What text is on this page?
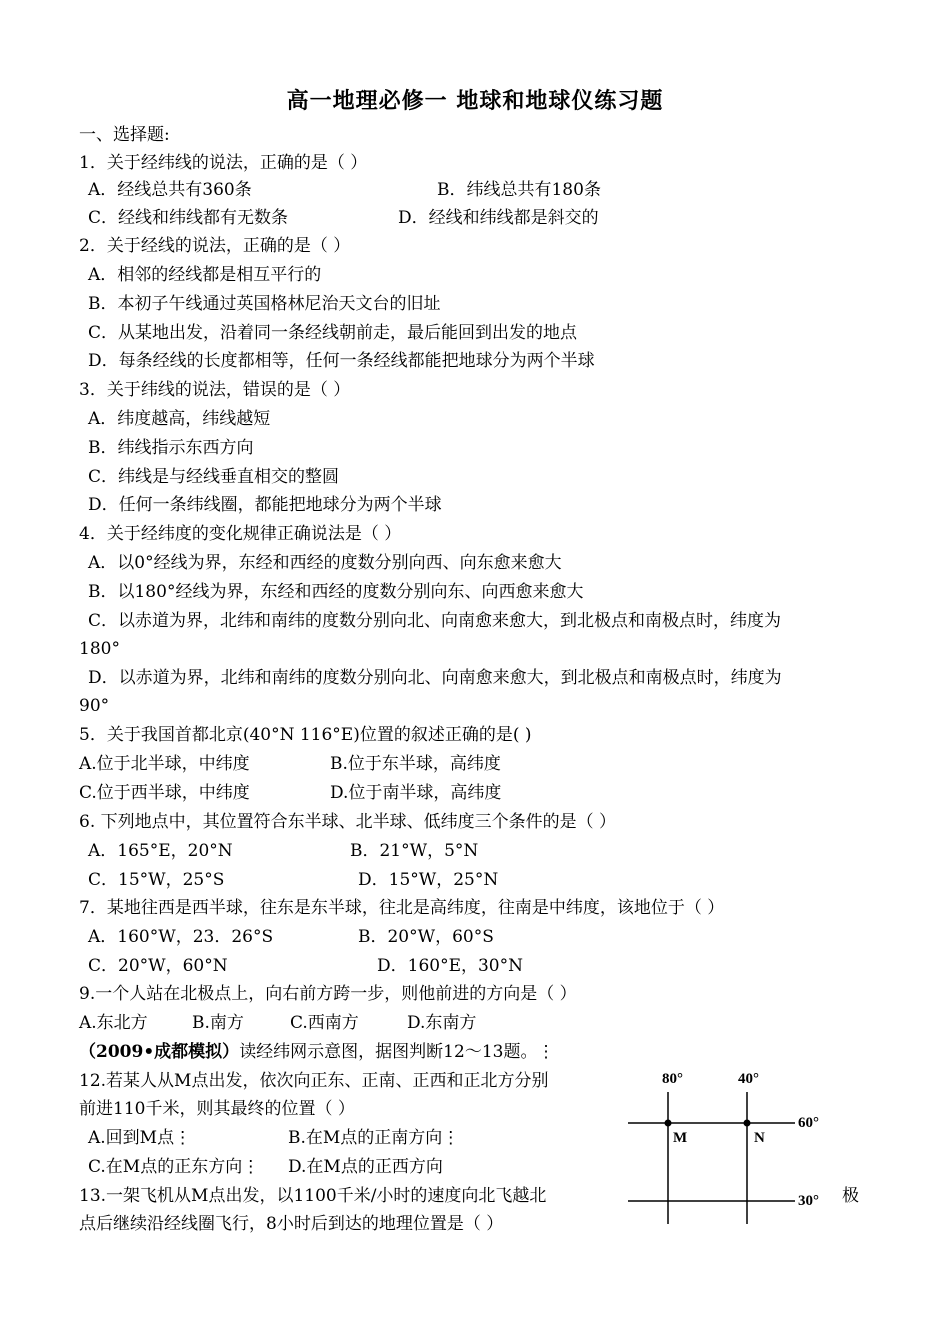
高一地理必修一 地球和地球仪练习题
一、选择题:
1．关于经纬线的说法，正确的是（ ）
A．经线总共有360条	B．纬线总共有180条
C．经线和纬线都有无数条	D．经线和纬线都是斜交的
2．关于经线的说法，正确的是（ ）
A．相邻的经线都是相互平行的
B．本初子午线通过英国格林尼治天文台的旧址
C．从某地出发，沿着同一条经线朝前走，最后能回到出发的地点
D．每条经线的长度都相等，任何一条经线都能把地球分为两个半球
3．关于纬线的说法，错误的是（ ）
A．纬度越高，纬线越短
B．纬线指示东西方向
C．纬线是与经线垂直相交的整圆
D．任何一条纬线圈，都能把地球分为两个半球
4．关于经纬度的变化规律正确说法是（ ）
A．以0°经线为界，东经和西经的度数分别向西、向东愈来愈大
B．以180°经线为界，东经和西经的度数分别向东、向西愈来愈大
C．以赤道为界，北纬和南纬的度数分别向北、向南愈来愈大，到北极点和南极点时，纬度为
180°
D．以赤道为界，北纬和南纬的度数分别向北、向南愈来愈大，到北极点和南极点时，纬度为
90°
5．关于我国首都北京(40°N 116°E)位置的叙述正确的是( )
A.位于北半球，中纬度	B.位于东半球，高纬度
C.位于西半球，中纬度	D.位于南半球，高纬度
6. 下列地点中，其位置符合东半球、北半球、低纬度三个条件的是（ ）
A．165°E，20°N	B．21°W，5°N
C．15°W，25°S	D．15°W，25°N
7．某地往西是西半球，往东是东半球，往北是高纬度，往南是中纬度，该地位于（ ）
A．160°W，23．26°S	B．20°W，60°S
C．20°W，60°N	D．160°E，30°N
9.一个人站在北极点上，向右前方跨一步，则他前进的方向是（ ）
A.东北方	B.南方	C.西南方	D.东南方
（2009•成都模拟）读经纬网示意图，据图判断12～13题。⋮
12.若某人从M点出发，依次向正东、正南、正西和正北方分别
前进110千米，则其最终的位置（ ）
A.回到M点⋮	B.在M点的正南方向⋮
C.在M点的正东方向⋮ D.在M点的正西方向
13.一架飞机从M点出发，以1100千米/小时的速度向北飞越北	极
点后继续沿经线圈飞行，8小时后到达的地理位置是（ ）
80°	40°
60°
30°
M	N
